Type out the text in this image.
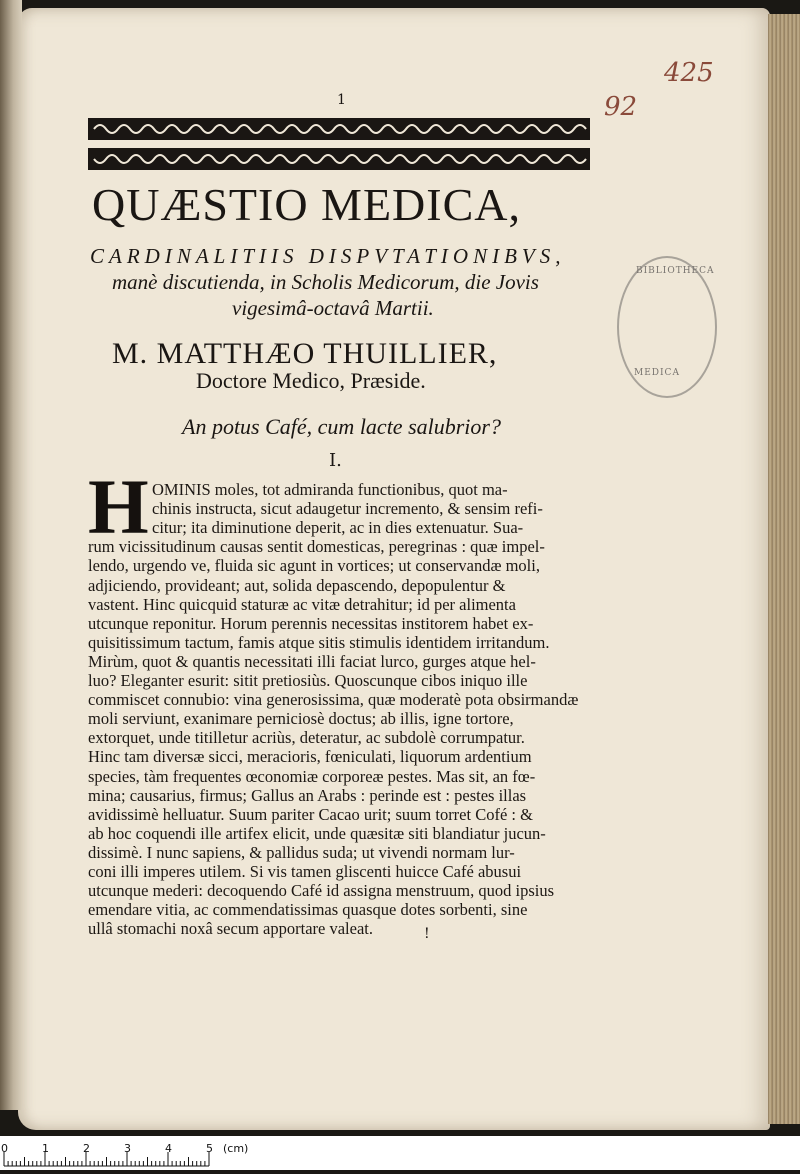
1
425
92
QUÆSTIO MEDICA,
CARDINALITIIS DISPVTATIONIBVS,
manè discutienda, in Scholis Medicorum, die Jovis
vigesimâ-octavâ Martii.
M. MATTHÆO THUILLIER,
Doctore Medico, Præside.
An potus Café, cum lacte salubrior?
I.
BIBLIOTHECA
MEDICA
H OMINIS moles, tot admiranda functionibus, quot ma-
chinis instructa, sicut adaugetur incremento, & sensim refi-
citur; ita diminutione deperit, ac in dies extenuatur. Sua-
rum vicissitudinum causas sentit domesticas, peregrinas : quæ impel-
lendo, urgendo ve, fluida sic agunt in vortices; ut conservandæ moli,
adjiciendo, provideant; aut, solida depascendo, depopulentur &
vastent. Hinc quicquid staturæ ac vitæ detrahitur; id per alimenta
utcunque reponitur. Horum perennis necessitas institorem habet ex-
quisitissimum tactum, famis atque sitis stimulis identidem irritandum.
Mirùm, quot & quantis necessitati illi faciat lurco, gurges atque hel-
luo? Eleganter esurit: sitit pretiosiùs. Quoscunque cibos iniquo ille
commiscet connubio: vina generosissima, quæ moderatè pota obsirmandæ
moli serviunt, exanimare perniciosè doctus; ab illis, igne tortore,
extorquet, unde titilletur acriùs, deteratur, ac subdolè corrumpatur.
Hinc tam diversæ sicci, meracioris, fœniculati, liquorum ardentium
species, tàm frequentes œconomiæ corporeæ pestes. Mas sit, an fœ-
mina; causarius, firmus; Gallus an Arabs : perinde est : pestes illas
avidissimè helluatur. Suum pariter Cacao urit; suum torret Cofé : &
ab hoc coquendi ille artifex elicit, unde quæsitæ siti blandiatur jucun-
dissimè. I nunc sapiens, & pallidus suda; ut vivendi normam lur-
coni illi imperes utilem. Si vis tamen gliscenti huicce Café abusui
utcunque mederi: decoquendo Café id assigna menstruum, quod ipsius
emendare vitia, ac commendatissimas quasque dotes sorbenti, sine
ullâ stomachi noxâ secum apportare valeat.	!
0	1	2	3	4	5 (cm)
